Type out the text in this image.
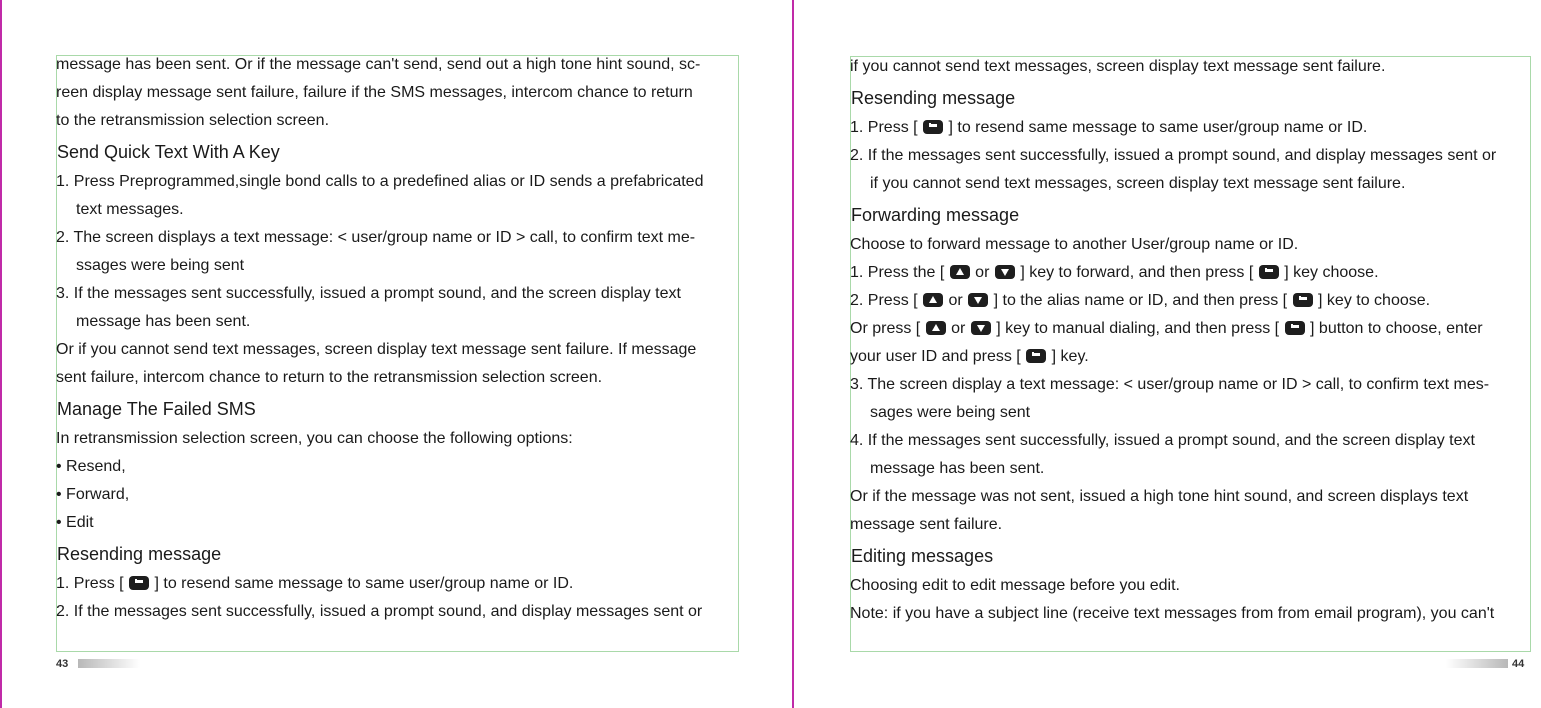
message has been sent. Or if the message can't send, send out a high tone hint sound, sc-
reen display message sent failure, failure if the SMS messages, intercom chance to return
to the retransmission selection screen.
Send Quick Text With A Key
1. Press Preprogrammed,single bond calls to a predefined alias or ID sends a prefabricated
text messages.
2. The screen displays a text message: < user/group name or ID > call, to confirm text me-
ssages were being sent
3. If the messages sent successfully, issued a prompt sound, and the screen display text
message has been sent.
Or if you cannot send text messages, screen display text message sent failure. If message
sent failure, intercom chance to return to the retransmission selection screen.
Manage The Failed SMS
In retransmission selection screen, you can choose the following options:
• Resend,
• Forward,
• Edit
Resending message
1. Press [ ] to resend same message to same user/group name or ID.
2. If the messages sent successfully, issued a prompt sound, and display messages sent or
43
if you cannot send text messages, screen display text message sent failure.
Resending message
1. Press [ ] to resend same message to same user/group name or ID.
2. If the messages sent successfully, issued a prompt sound, and display messages sent or
if you cannot send text messages, screen display text message sent failure.
Forwarding message
Choose to forward message to another User/group name or ID.
1. Press the [ or ] key to forward, and then press [ ] key choose.
2. Press [ or ] to the alias name or ID, and then press [ ] key to choose.
Or press [ or ] key to manual dialing, and then press [ ] button to choose, enter
your user ID and press [ ] key.
3. The screen display a text message: < user/group name or ID > call, to confirm text mes-
sages were being sent
4. If the messages sent successfully, issued a prompt sound, and the screen display text
message has been sent.
Or if the message was not sent, issued a high tone hint sound, and screen displays text
message sent failure.
Editing messages
Choosing edit to edit message before you edit.
Note: if you have a subject line (receive text messages from from email program), you can't
44
